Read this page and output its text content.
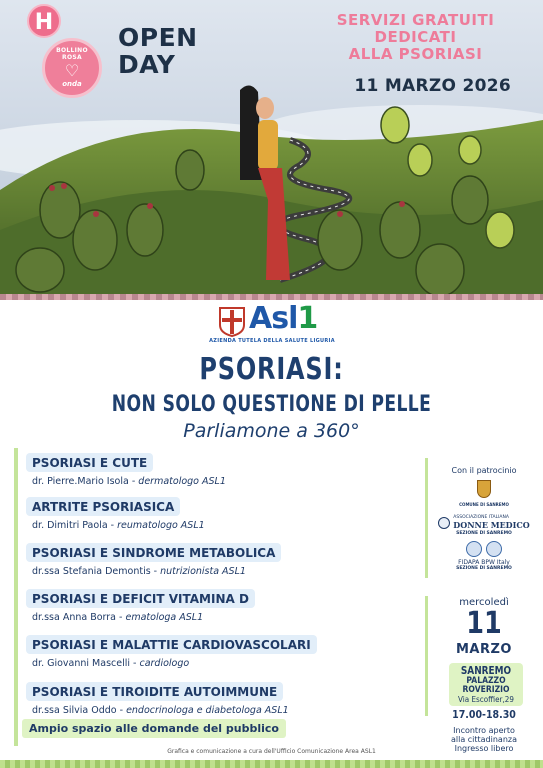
H
BOLLINO ROSA
♡
onda
OPEN
DAY
SERVIZI GRATUITI
DEDICATI
ALLA PSORIASI
11 MARZO 2026
Asl1
AZIENDA TUTELA DELLA SALUTE LIGURIA
PSORIASI:
NON SOLO QUESTIONE DI PELLE
Parliamone a 360°
PSORIASI E CUTE
dr. Pierre.Mario Isola - dermatologo ASL1
ARTRITE PSORIASICA
dr. Dimitri Paola - reumatologo ASL1
PSORIASI E SINDROME METABOLICA
dr.ssa Stefania Demontis - nutrizionista ASL1
PSORIASI E DEFICIT VITAMINA D
dr.ssa Anna Borra - ematologa ASL1
PSORIASI E MALATTIE CARDIOVASCOLARI
dr. Giovanni Mascelli - cardiologo
PSORIASI E TIROIDITE AUTOIMMUNE
dr.ssa Silvia Oddo - endocrinologa e diabetologa ASL1
Ampio spazio alle domande del pubblico
Grafica e comunicazione a cura dell'Ufficio Comunicazione Area ASL1
Con il patrocinio
COMUNE DI SANREMO
ASSOCIAZIONE ITALIANA
DONNE MEDICO
SEZIONE DI SANREMO
FIDAPA BPW Italy
SEZIONE DI SANREMO
mercoledì
11
MARZO
SANREMO
PALAZZO
ROVERIZIO
Via Escoffier,29
17.00-18.30
Incontro aperto
alla cittadinanza
Ingresso libero
